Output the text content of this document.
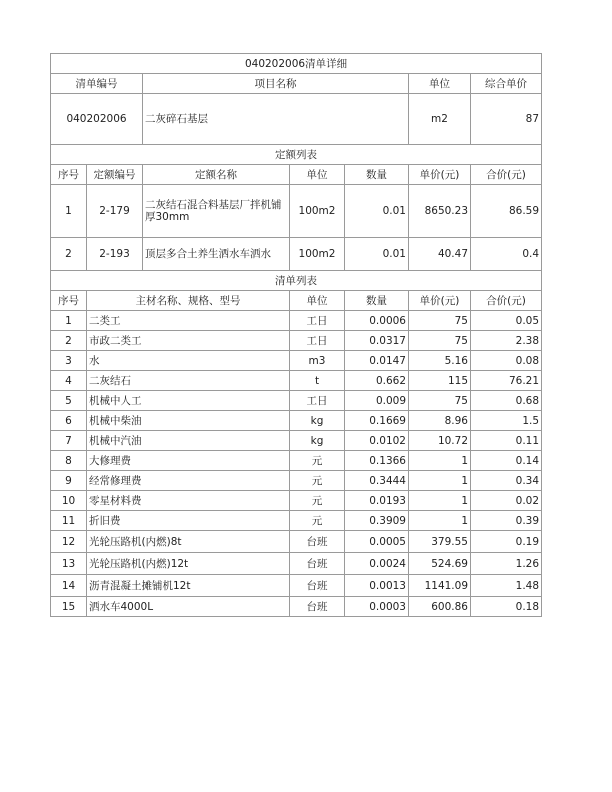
040202006清单详细						
清单编号		项目名称			单位	综合单价
040202006		二灰碎石基层			m2	87
定额列表						
序号	定额编号	定额名称	单位	数量	单价(元)	合价(元)
1	2-179	二灰结石混合料基层厂拌机铺 厚30mm	100m2	0.01	8650.23	86.59
2	2-193	顶层多合土养生洒水车洒水	100m2	0.01	40.47	0.4
清单列表						
序号	主材名称、规格、型号		单位	数量	单价(元)	合价(元)
1	二类工		工日	0.0006	75	0.05
2	市政二类工		工日	0.0317	75	2.38
3	水		m3	0.0147	5.16	0.08
4	二灰结石		t	0.662	115	76.21
5	机械中人工		工日	0.009	75	0.68
6	机械中柴油		kg	0.1669	8.96	1.5
7	机械中汽油		kg	0.0102	10.72	0.11
8	大修理费		元	0.1366	1	0.14
9	经常修理费		元	0.3444	1	0.34
10	零星材料费		元	0.0193	1	0.02
11	折旧费		元	0.3909	1	0.39
12	光轮压路机(内燃)8t		台班	0.0005	379.55	0.19
13	光轮压路机(内燃)12t		台班	0.0024	524.69	1.26
14	沥青混凝土摊铺机12t		台班	0.0013	1141.09	1.48
15	洒水车4000L		台班	0.0003	600.86	0.18
